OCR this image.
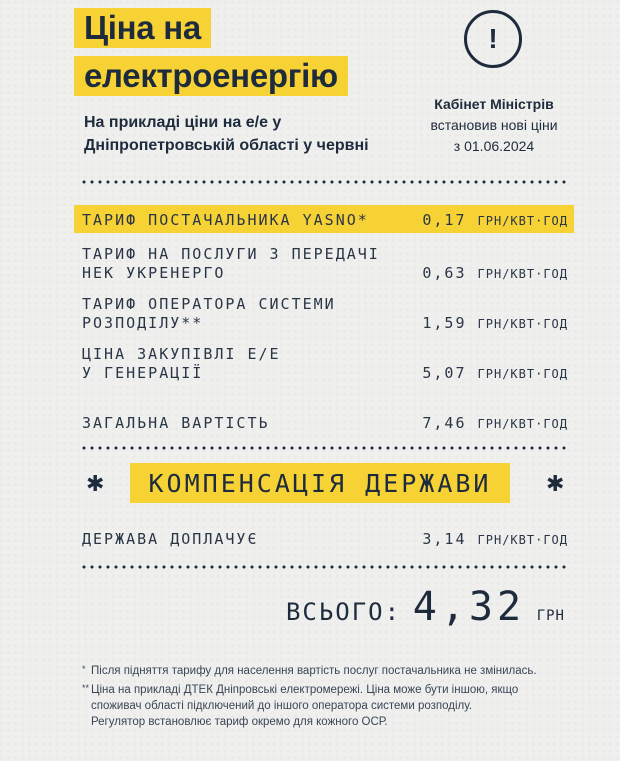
Ціна на
електроенергію
На прикладі ціни на е/е у
Дніпропетровській області у червні
!
Кабінет Міністрів
встановив нові ціни
з 01.06.2024
ТАРИФ ПОСТАЧАЛЬНИКА YASNO*	0,17 ГРН/КВТ·ГОД
ТАРИФ НА ПОСЛУГИ З ПЕРЕДАЧІ
НЕК УКРЕНЕРГО	0,63 ГРН/КВТ·ГОД
ТАРИФ ОПЕРАТОРА СИСТЕМИ
РОЗПОДІЛУ**	1,59 ГРН/КВТ·ГОД
ЦІНА ЗАКУПІВЛІ Е/Е
У ГЕНЕРАЦІЇ	5,07 ГРН/КВТ·ГОД
ЗАГАЛЬНА ВАРТІСТЬ	7,46 ГРН/КВТ·ГОД
✱	КОМПЕНСАЦІЯ ДЕРЖАВИ	✱
ДЕРЖАВА ДОПЛАЧУЄ	3,14 ГРН/КВТ·ГОД
ВСЬОГО: 4,32 ГРН
* Після підняття тарифу для населення вартість послуг постачальника не змінилась.
** Ціна на прикладі ДТЕК Дніпровські електромережі. Ціна може бути іншою, якщо
споживач області підключений до іншого оператора системи розподілу.
Регулятор встановлює тариф окремо для кожного ОСР.
